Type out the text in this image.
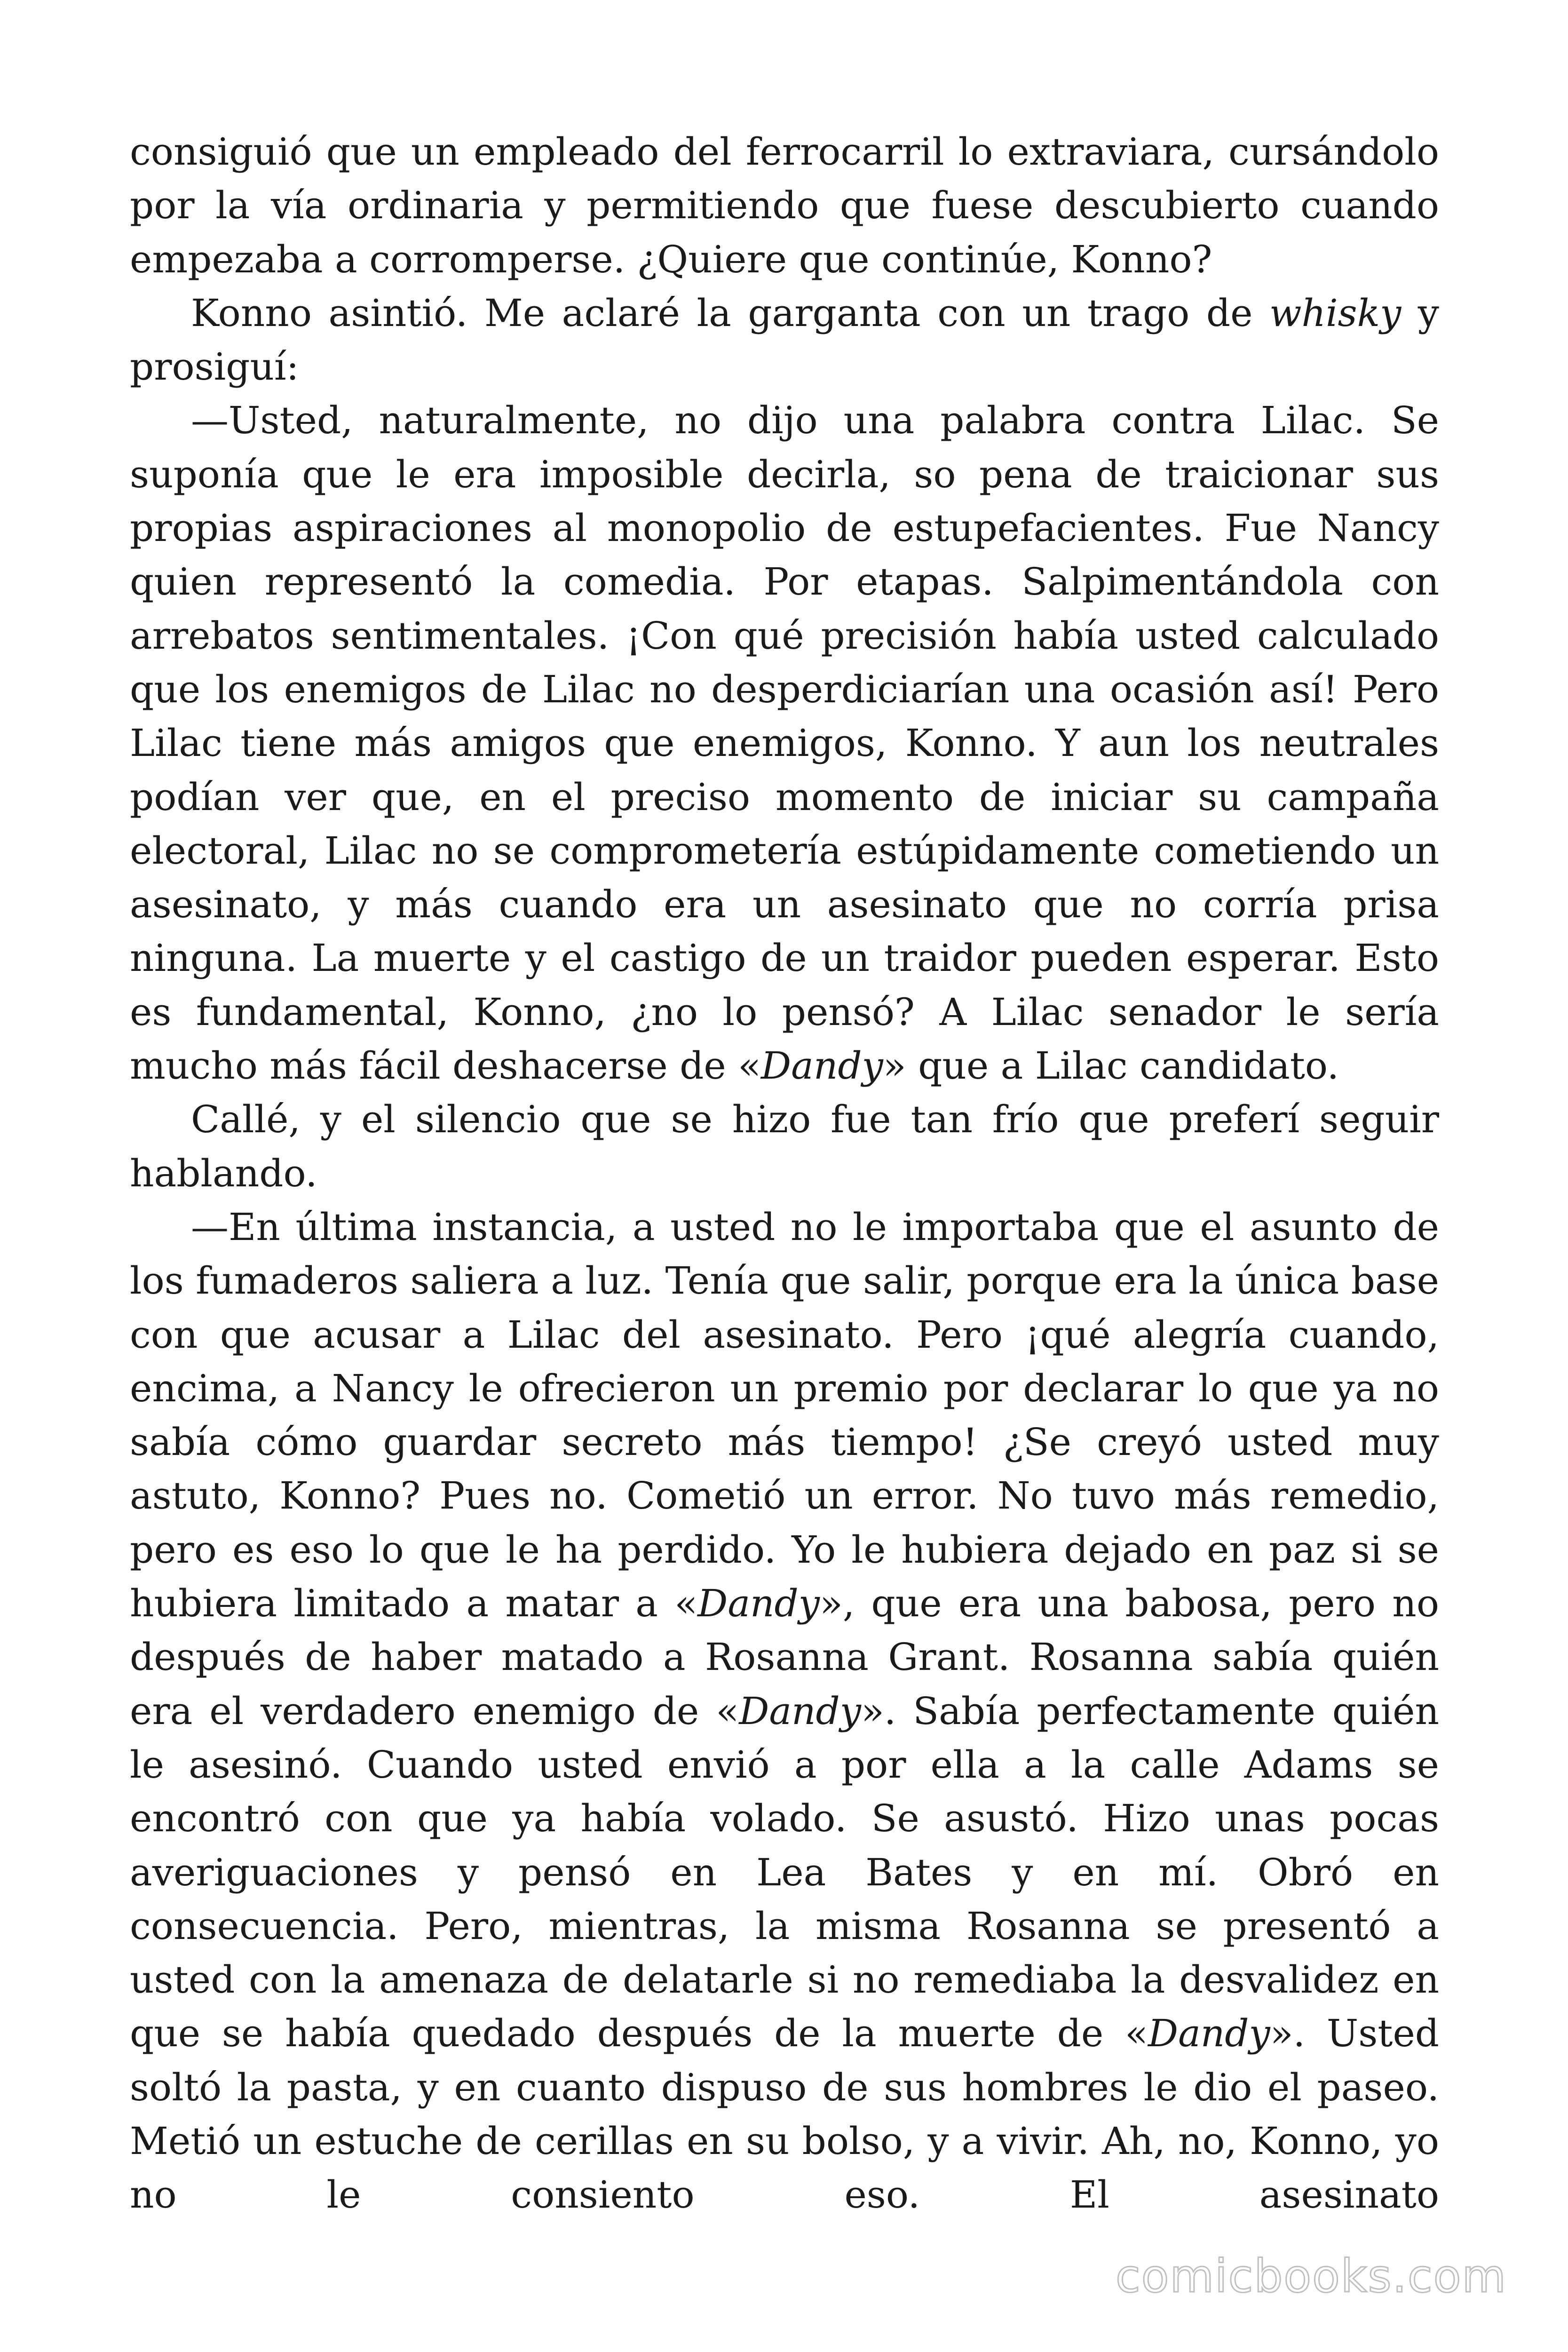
consiguió que un empleado del ferrocarril lo extraviara, cursándolo por la vía ordinaria y permitiendo que fuese descubierto cuando empezaba a corromperse. ¿Quiere que continúe, Konno?

Konno asintió. Me aclaré la garganta con un trago de whisky y prosiguí:

—Usted, naturalmente, no dijo una palabra contra Lilac. Se suponía que le era imposible decirla, so pena de traicionar sus propias aspiraciones al monopolio de estupefacientes. Fue Nancy quien representó la comedia. Por etapas. Salpimentándola con arrebatos sentimentales. ¡Con qué precisión había usted calculado que los enemigos de Lilac no desperdiciarían una ocasión así! Pero Lilac tiene más amigos que enemigos, Konno. Y aun los neutrales podían ver que, en el preciso momento de iniciar su campaña electoral, Lilac no se comprometería estúpidamente cometiendo un asesinato, y más cuando era un asesinato que no corría prisa ninguna. La muerte y el castigo de un traidor pueden esperar. Esto es fundamental, Konno, ¿no lo pensó? A Lilac senador le sería mucho más fácil deshacerse de «Dandy» que a Lilac candidato.

Callé, y el silencio que se hizo fue tan frío que preferí seguir hablando.

—En última instancia, a usted no le importaba que el asunto de los fumaderos saliera a luz. Tenía que salir, porque era la única base con que acusar a Lilac del asesinato. Pero ¡qué alegría cuando, encima, a Nancy le ofrecieron un premio por declarar lo que ya no sabía cómo guardar secreto más tiempo! ¿Se creyó usted muy astuto, Konno? Pues no. Cometió un error. No tuvo más remedio, pero es eso lo que le ha perdido. Yo le hubiera dejado en paz si se hubiera limitado a matar a «Dandy», que era una babosa, pero no después de haber matado a Rosanna Grant. Rosanna sabía quién era el verdadero enemigo de «Dandy». Sabía perfectamente quién le asesinó. Cuando usted envió a por ella a la calle Adams se encontró con que ya había volado. Se asustó. Hizo unas pocas averiguaciones y pensó en Lea Bates y en mí. Obró en consecuencia. Pero, mientras, la misma Rosanna se presentó a usted con la amenaza de delatarle si no remediaba la desvalidez en que se había quedado después de la muerte de «Dandy». Usted soltó la pasta, y en cuanto dispuso de sus hombres le dio el paseo. Metió un estuche de cerillas en su bolso, y a vivir. Ah, no, Konno, yo no le consiento eso. El asesinato

comicbooks.com
